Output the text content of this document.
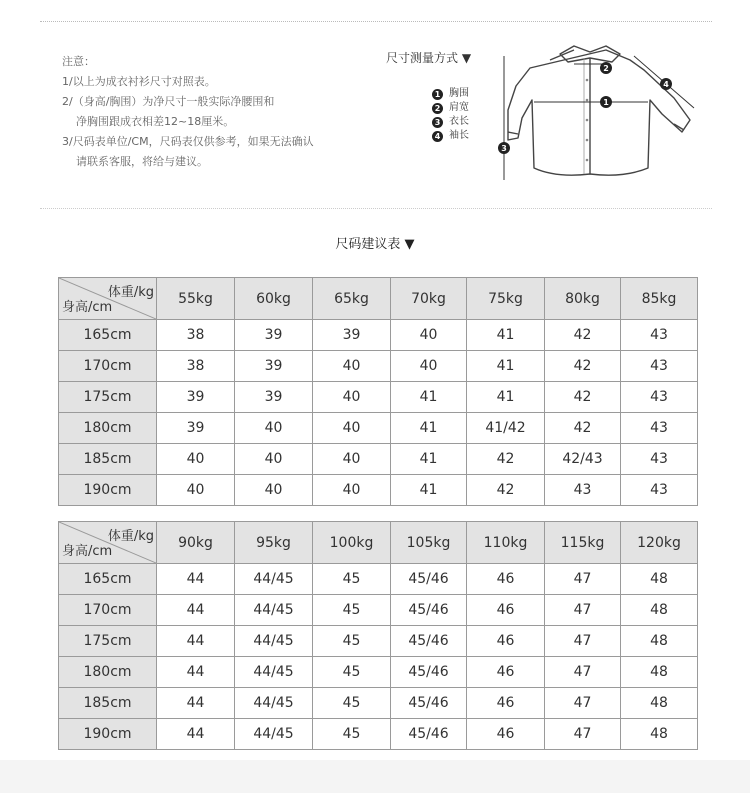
注意：
1/以上为成衣衬衫尺寸对照表。
2/（身高/胸围）为净尺寸一般实际净腰围和
净胸围跟成衣相差12~18厘米。
3/尺码表单位/CM，尺码表仅供参考，如果无法确认
请联系客服，将给与建议。
尺寸测量方式 ▼
1 胸围
2 肩宽
3 衣长
4 袖长
1
2
3
4
尺码建议表 ▼
体重/kg
身高/cm	55kg	60kg	65kg	70kg	75kg	80kg	85kg
165cm	38	39	39	40	41	42	43
170cm	38	39	40	40	41	42	43
175cm	39	39	40	41	41	42	43
180cm	39	40	40	41	41/42	42	43
185cm	40	40	40	41	42	42/43	43
190cm	40	40	40	41	42	43	43
体重/kg
身高/cm	90kg	95kg	100kg	105kg	110kg	115kg	120kg
165cm	44	44/45	45	45/46	46	47	48
170cm	44	44/45	45	45/46	46	47	48
175cm	44	44/45	45	45/46	46	47	48
180cm	44	44/45	45	45/46	46	47	48
185cm	44	44/45	45	45/46	46	47	48
190cm	44	44/45	45	45/46	46	47	48
